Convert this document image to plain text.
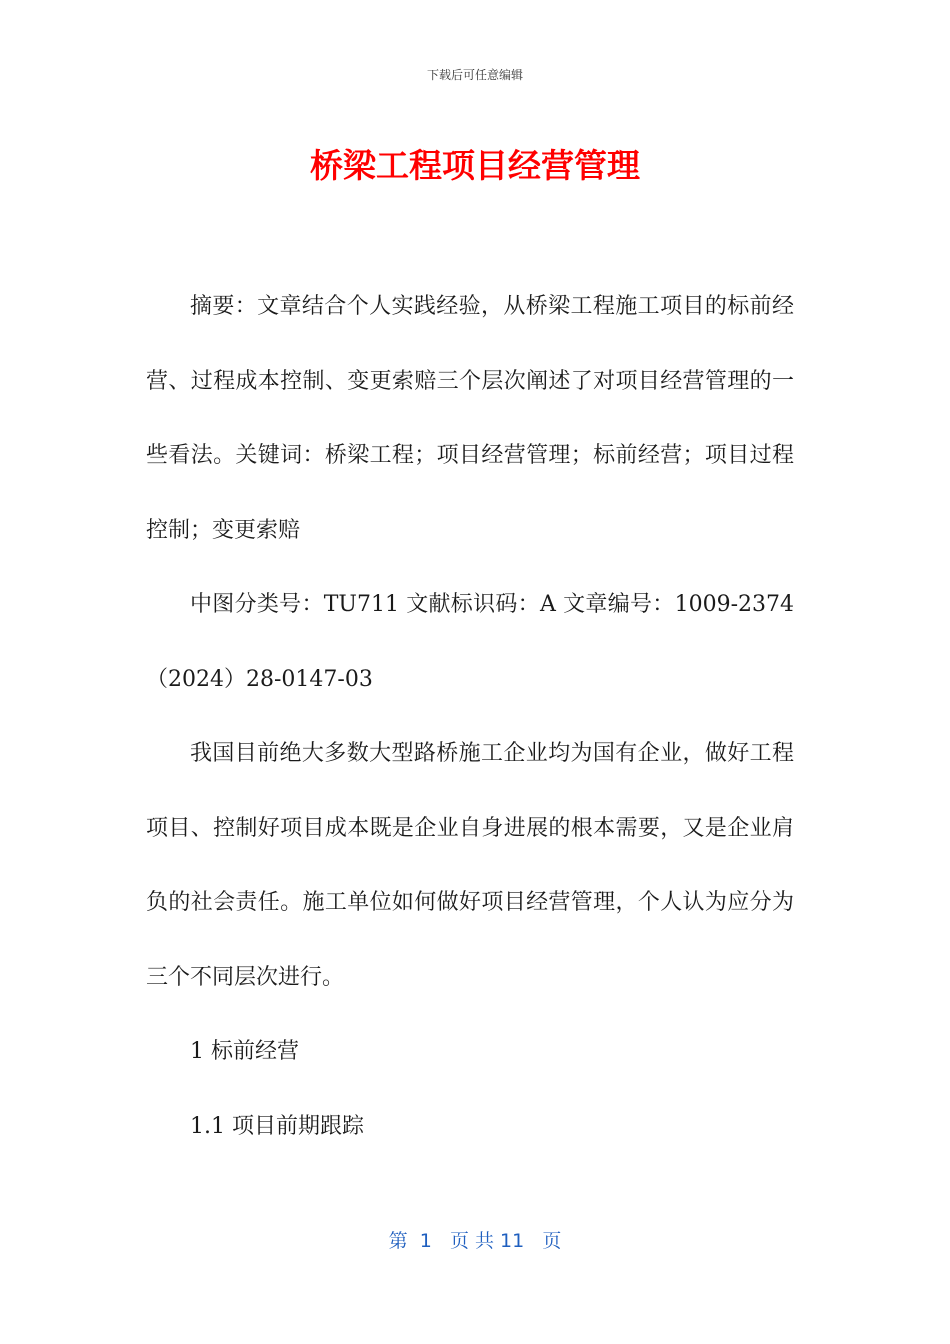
下载后可任意编辑
桥梁工程项目经营管理

摘要：文章结合个人实践经验，从桥梁工程施工项目的标前经营、过程成本控制、变更索赔三个层次阐述了对项目经营管理的一些看法。关键词：桥梁工程；项目经营管理；标前经营；项目过程控制；变更索赔

中图分类号：TU711 文献标识码：A 文章编号：1009-2374（2024）28-0147-03

我国目前绝大多数大型路桥施工企业均为国有企业，做好工程项目、控制好项目成本既是企业自身进展的根本需要，又是企业肩负的社会责任。施工单位如何做好项目经营管理，个人认为应分为三个不同层次进行。

1 标前经营

1.1 项目前期跟踪

第  1   页 共 11   页
